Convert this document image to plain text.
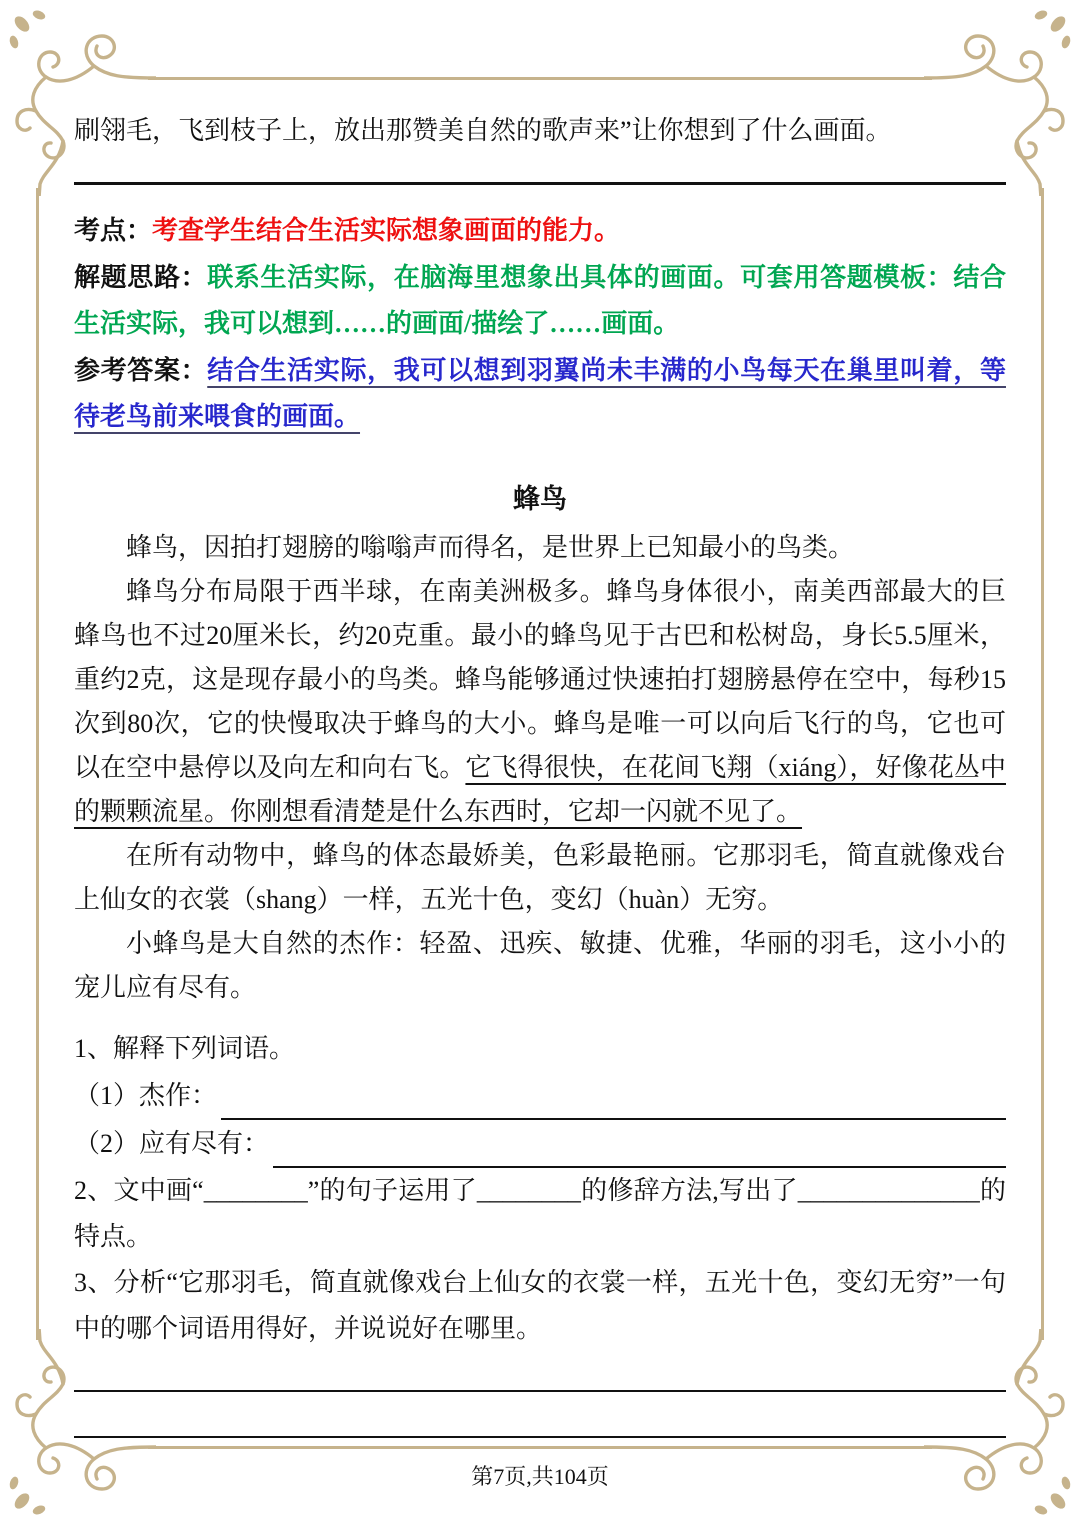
刷翎毛，飞到枝子上，放出那赞美自然的歌声来”让你想到了什么画面。

考点：考查学生结合生活实际想象画面的能力。

解题思路：联系生活实际，在脑海里想象出具体的画面。可套用答题模板：结合生活实际，我可以想到……的画面/描绘了……画面。

参考答案：结合生活实际，我可以想到羽翼尚未丰满的小鸟每天在巢里叫着，等待老鸟前来喂食的画面。

蜂鸟

蜂鸟，因拍打翅膀的嗡嗡声而得名，是世界上已知最小的鸟类。

蜂鸟分布局限于西半球，在南美洲极多。蜂鸟身体很小，南美西部最大的巨蜂鸟也不过20厘米长，约20克重。最小的蜂鸟见于古巴和松树岛，身长5.5厘米，重约2克，这是现存最小的鸟类。蜂鸟能够通过快速拍打翅膀悬停在空中，每秒15次到80次，它的快慢取决于蜂鸟的大小。蜂鸟是唯一可以向后飞行的鸟，它也可以在空中悬停以及向左和向右飞。它飞得很快，在花间飞翔（xiáng），好像花丛中的颗颗流星。你刚想看清楚是什么东西时，它却一闪就不见了。

在所有动物中，蜂鸟的体态最娇美，色彩最艳丽。它那羽毛，简直就像戏台上仙女的衣裳（shang）一样，五光十色，变幻（huàn）无穷。

小蜂鸟是大自然的杰作：轻盈、迅疾、敏捷、优雅，华丽的羽毛，这小小的宠儿应有尽有。

1、解释下列词语。

（1）杰作：
（2）应有尽有：

2、文中画“________”的句子运用了________的修辞方法,写出了______________的特点。

3、分析“它那羽毛，简直就像戏台上仙女的衣裳一样，五光十色，变幻无穷”一句中的哪个词语用得好，并说说好在哪里。

第7页,共104页
